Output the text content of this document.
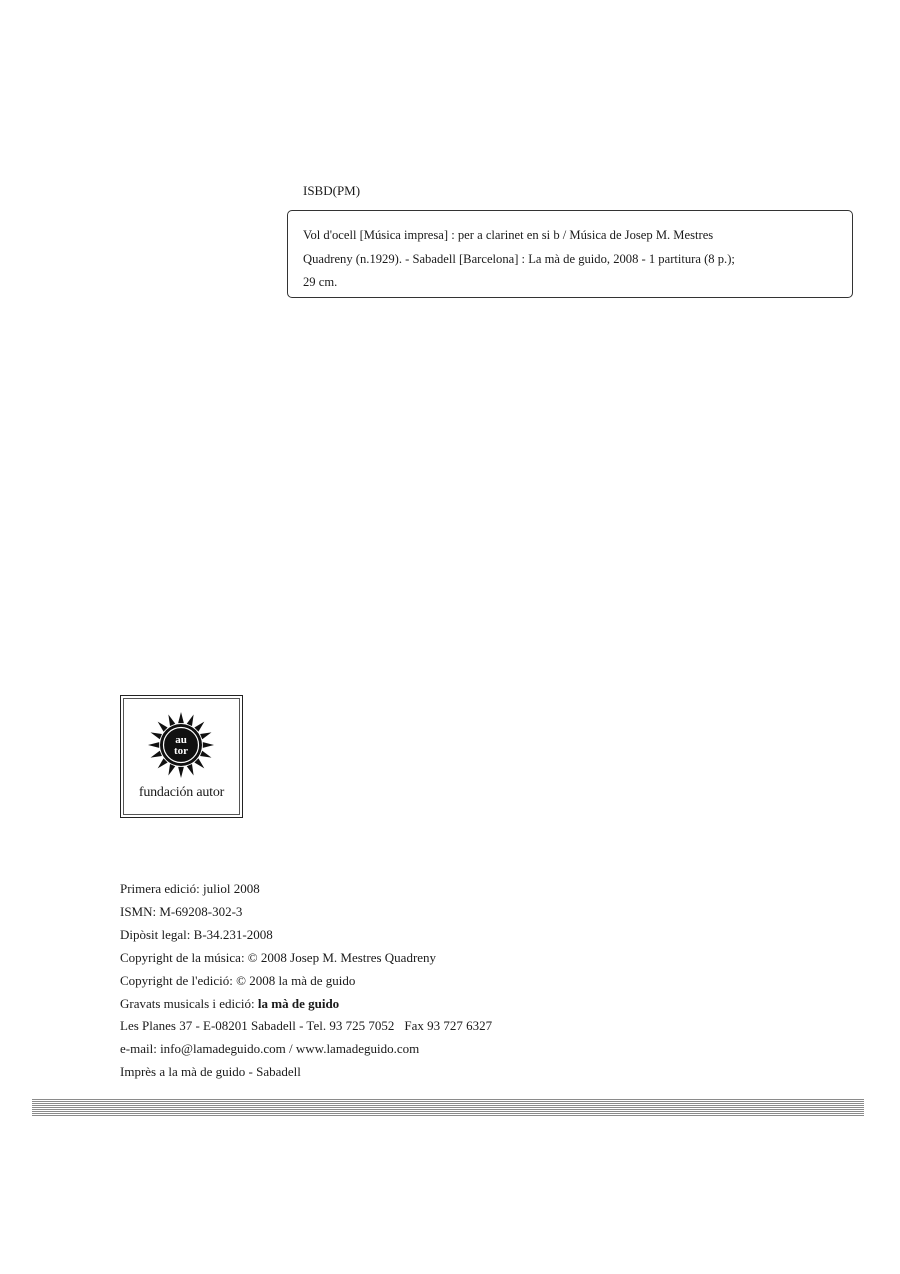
ISBD(PM)
Vol d'ocell [Música impresa] : per a clarinet en si b / Música de Josep M. Mestres
Quadreny (n.1929). - Sabadell [Barcelona] : La mà de guido, 2008 - 1 partitura (8 p.);
29 cm.
au
tor
fundación autor
Primera edició: juliol 2008
ISMN: M-69208-302-3
Dipòsit legal: B-34.231-2008
Copyright de la música: © 2008 Josep M. Mestres Quadreny
Copyright de l'edició: © 2008 la mà de guido
Gravats musicals i edició: la mà de guido
Les Planes 37 - E-08201 Sabadell - Tel. 93 725 7052 Fax 93 727 6327
e-mail: info@lamadeguido.com / www.lamadeguido.com
Imprès a la mà de guido - Sabadell
